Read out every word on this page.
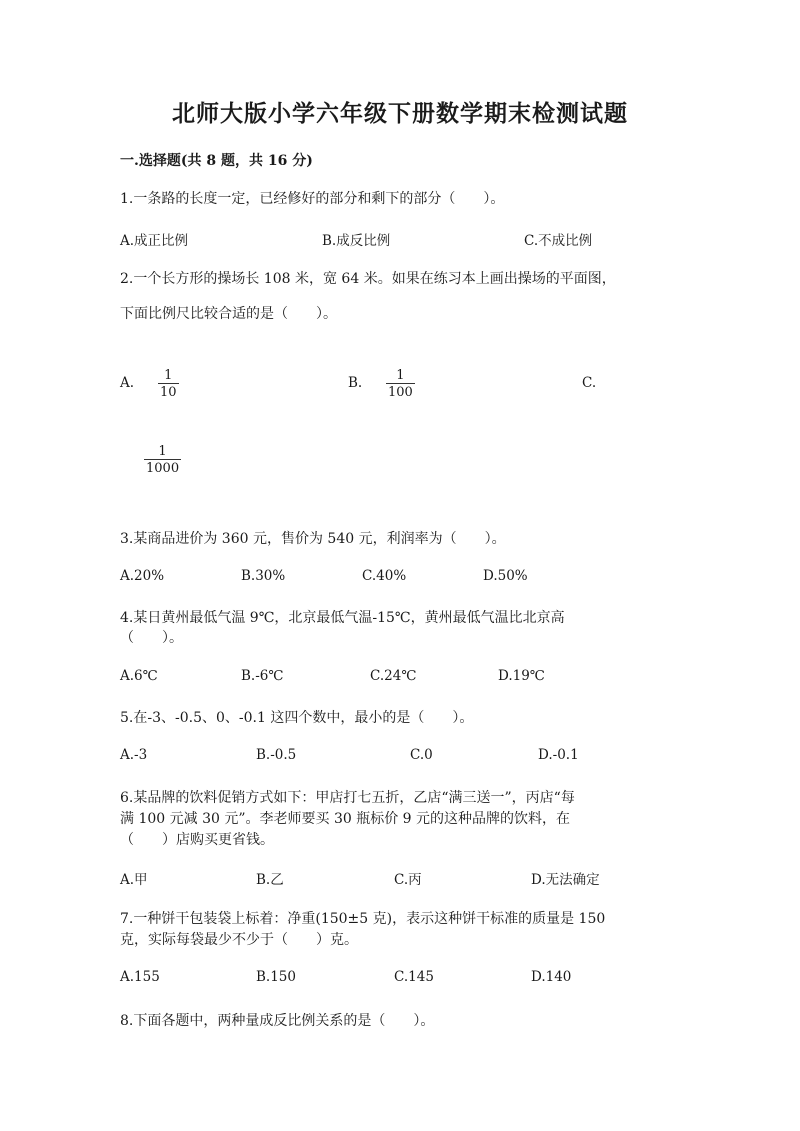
北师大版小学六年级下册数学期末检测试题
一.选择题(共 8 题，共 16 分)
1.一条路的长度一定，已经修好的部分和剩下的部分（　　）。
A.成正比例	B.成反比例	C.不成比例
2.一个长方形的操场长 108 米，宽 64 米。如果在练习本上画出操场的平面图，
下面比例尺比较合适的是（　　）。
A. $\frac{1}{10}$	B. $\frac{1}{100}$	C.
$\frac{1}{1000}$
3.某商品进价为 360 元，售价为 540 元，利润率为（　　）。
A.20%	B.30%	C.40%	D.50%
4.某日黄州最低气温 9℃，北京最低气温-15℃，黄州最低气温比北京高
（　　）。
A.6℃	B.-6℃	C.24℃	D.19℃
5.在-3、-0.5、0、-0.1 这四个数中，最小的是（　　）。
A.-3	B.-0.5	C.0	D.-0.1
6.某品牌的饮料促销方式如下：甲店打七五折，乙店“满三送一”，丙店“每
满 100 元减 30 元”。李老师要买 30 瓶标价 9 元的这种品牌的饮料，在
（　　）店购买更省钱。
A.甲	B.乙	C.丙	D.无法确定
7.一种饼干包装袋上标着：净重(150±5 克)，表示这种饼干标准的质量是 150
克，实际每袋最少不少于（　　）克。
A.155	B.150	C.145	D.140
8.下面各题中，两种量成反比例关系的是（　　）。
